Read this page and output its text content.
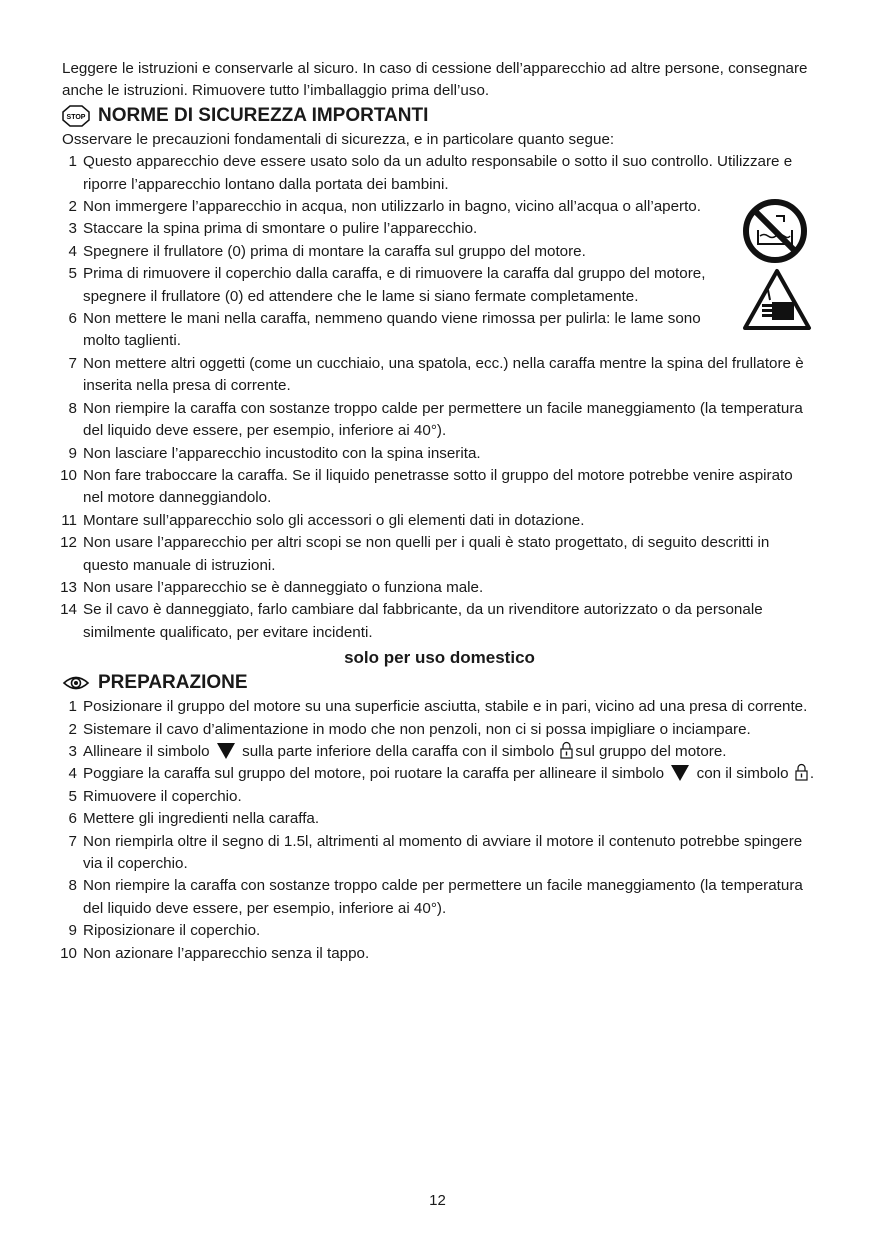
Leggere le istruzioni e conservarle al sicuro. In caso di cessione dell’apparecchio ad altre persone, consegnare anche le istruzioni. Rimuovere tutto l’imballaggio prima dell’uso.

STOP NORME DI SICUREZZA IMPORTANTI

Osservare le precauzioni fondamentali di sicurezza, e in particolare quanto segue:

1 Questo apparecchio deve essere usato solo da un adulto responsabile o sotto il suo controllo. Utilizzare e riporre l’apparecchio lontano dalla portata dei bambini.
2 Non immergere l’apparecchio in acqua, non utilizzarlo in bagno, vicino all’acqua o all’aperto.
3 Staccare la spina prima di smontare o pulire l’apparecchio.
4 Spegnere il frullatore (0) prima di montare la caraffa sul gruppo del motore.
5 Prima di rimuovere il coperchio dalla caraffa, e di rimuovere la caraffa dal gruppo del motore, spegnere il frullatore (0) ed attendere che le lame si siano fermate completamente.
6 Non mettere le mani nella caraffa, nemmeno quando viene rimossa per pulirla: le lame sono molto taglienti.
7 Non mettere altri oggetti (come un cucchiaio, una spatola, ecc.) nella caraffa mentre la spina del frullatore è inserita nella presa di corrente.
8 Non riempire la caraffa con sostanze troppo calde per permettere un facile maneggiamento (la temperatura del liquido deve essere, per esempio, inferiore ai 40°).
9 Non lasciare l’apparecchio incustodito con la spina inserita.
10 Non fare traboccare la caraffa. Se il liquido penetrasse sotto il gruppo del motore potrebbe venire aspirato nel motore danneggiandolo.
11 Montare sull’apparecchio solo gli accessori o gli elementi dati in dotazione.
12 Non usare l’apparecchio per altri scopi se non quelli per i quali è stato progettato, di seguito descritti in questo manuale di istruzioni.
13 Non usare l’apparecchio se è danneggiato o funziona male.
14 Se il cavo è danneggiato, farlo cambiare dal fabbricante, da un rivenditore autorizzato o da personale similmente qualificato, per evitare incidenti.

solo per uso domestico

PREPARAZIONE
1 Posizionare il gruppo del motore su una superficie asciutta, stabile e in pari, vicino ad una presa di corrente.
2 Sistemare il cavo d’alimentazione in modo che non penzoli, non ci si possa impigliare o inciampare.
3 Allineare il simbolo sulla parte inferiore della caraffa con il simbolo sul gruppo del motore.
4 Poggiare la caraffa sul gruppo del motore, poi ruotare la caraffa per allineare il simbolo con il simbolo .
5 Rimuovere il coperchio.
6 Mettere gli ingredienti nella caraffa.
7 Non riempirla oltre il segno di 1.5l, altrimenti al momento di avviare il motore il contenuto potrebbe spingere via il coperchio.
8 Non riempire la caraffa con sostanze troppo calde per permettere un facile maneggiamento (la temperatura del liquido deve essere, per esempio, inferiore ai 40°).
9 Riposizionare il coperchio.
10 Non azionare l’apparecchio senza il tappo.
12
